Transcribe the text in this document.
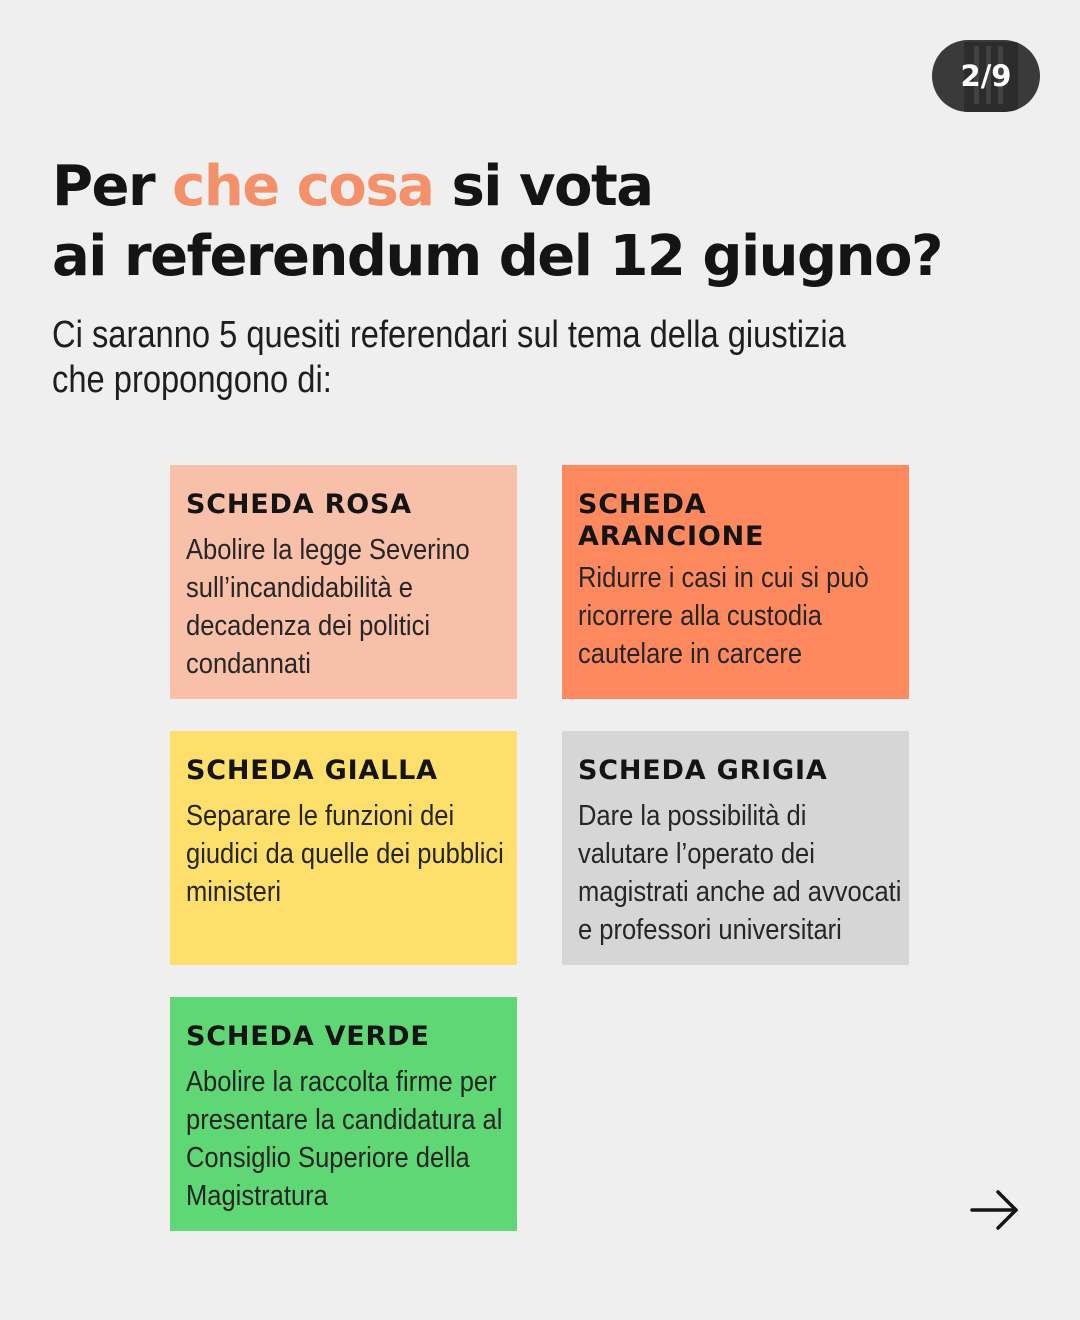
2/9
Per che cosa si vota
ai referendum del 12 giugno?

Ci saranno 5 quesiti referendari sul tema della giustizia
che propongono di:

SCHEDA ROSA

Abolire la legge Severino sull’incandidabilità e decadenza dei politici condannati

SCHEDA
ARANCIONE

Ridurre i casi in cui si può ricorrere alla custodia cautelare in carcere

SCHEDA GIALLA

Separare le funzioni dei giudici da quelle dei pubblici ministeri

SCHEDA GRIGIA

Dare la possibilità di valutare l’operato dei magistrati anche ad avvocati e professori universitari

SCHEDA VERDE

Abolire la raccolta firme per presentare la candidatura al Consiglio Superiore della Magistratura
